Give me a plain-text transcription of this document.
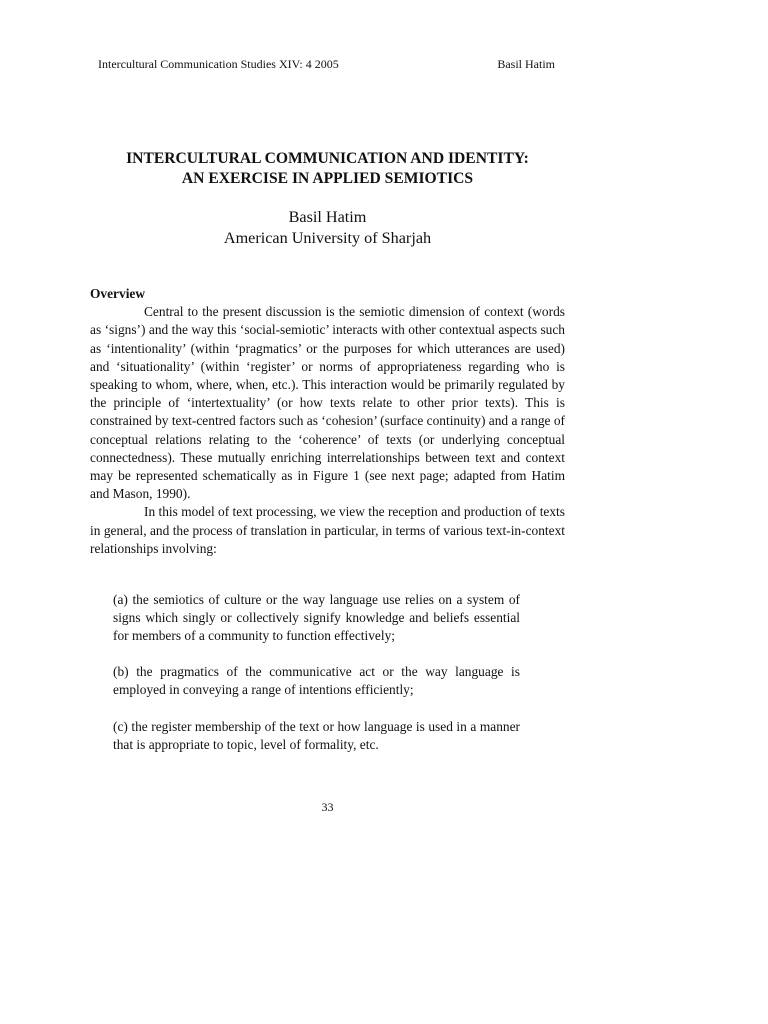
Intercultural Communication Studies XIV: 4 2005	Basil Hatim
INTERCULTURAL COMMUNICATION AND IDENTITY:
AN EXERCISE IN APPLIED SEMIOTICS
Basil Hatim
American University of Sharjah

Overview

Central to the present discussion is the semiotic dimension of context (words as ‘signs’) and the way this ‘social-semiotic’ interacts with other contextual aspects such as ‘intentionality’ (within ‘pragmatics’ or the purposes for which utterances are used) and ‘situationality’ (within ‘register’ or norms of appropriateness regarding who is speaking to whom, where, when, etc.). This interaction would be primarily regulated by the principle of ‘intertextuality’ (or how texts relate to other prior texts). This is constrained by text-centred factors such as ‘cohesion’ (surface continuity) and a range of conceptual relations relating to the ‘coherence’ of texts (or underlying conceptual connectedness). These mutually enriching interrelationships between text and context may be represented schematically as in Figure 1 (see next page; adapted from Hatim and Mason, 1990).

In this model of text processing, we view the reception and production of texts in general, and the process of translation in particular, in terms of various text-in-context relationships involving:

(a) the semiotics of culture or the way language use relies on a system of signs which singly or collectively signify knowledge and beliefs essential for members of a community to function effectively;

(b) the pragmatics of the communicative act or the way language is employed in conveying a range of intentions efficiently;

(c) the register membership of the text or how language is used in a manner that is appropriate to topic, level of formality, etc.

33
